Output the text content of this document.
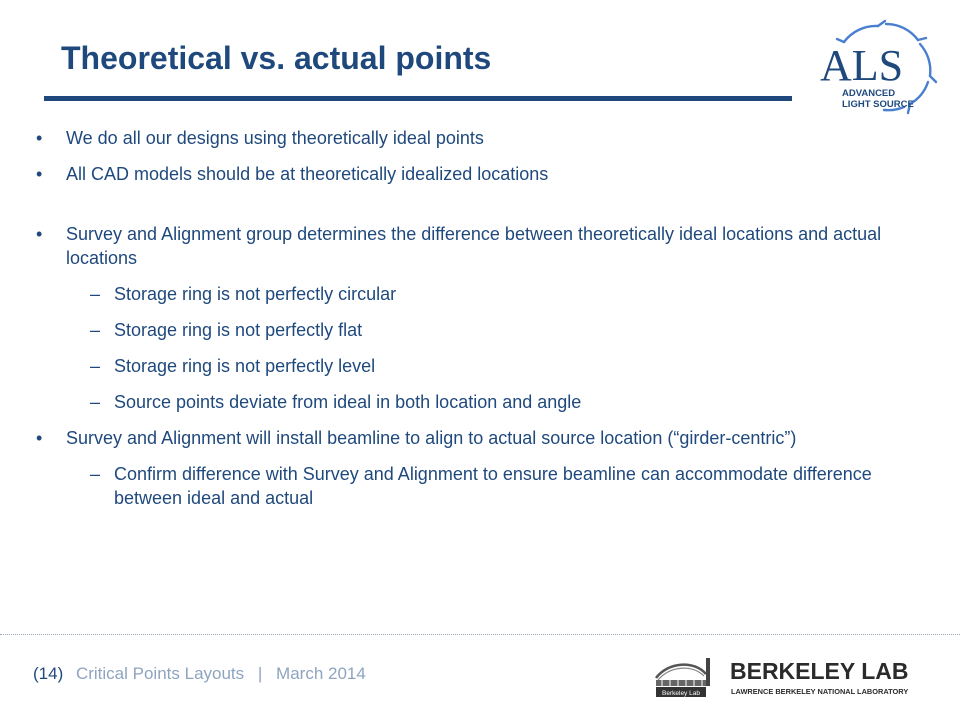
Theoretical vs. actual points	ALS
ADVANCED
LIGHT SOURCE
• We do all our designs using theoretically ideal points
• All CAD models should be at theoretically idealized locations
• Survey and Alignment group determines the difference between theoretically ideal locations and actual locations
– Storage ring is not perfectly circular
– Storage ring is not perfectly flat
– Storage ring is not perfectly level
– Source points deviate from ideal in both location and angle
• Survey and Alignment will install beamline to align to actual source location (“girder-centric”)
– Confirm difference with Survey and Alignment to ensure beamline can accommodate difference between ideal and actual
(14) Critical Points Layouts | March 2014
Berkeley Lab
BERKELEY LAB
LAWRENCE BERKELEY NATIONAL LABORATORY
